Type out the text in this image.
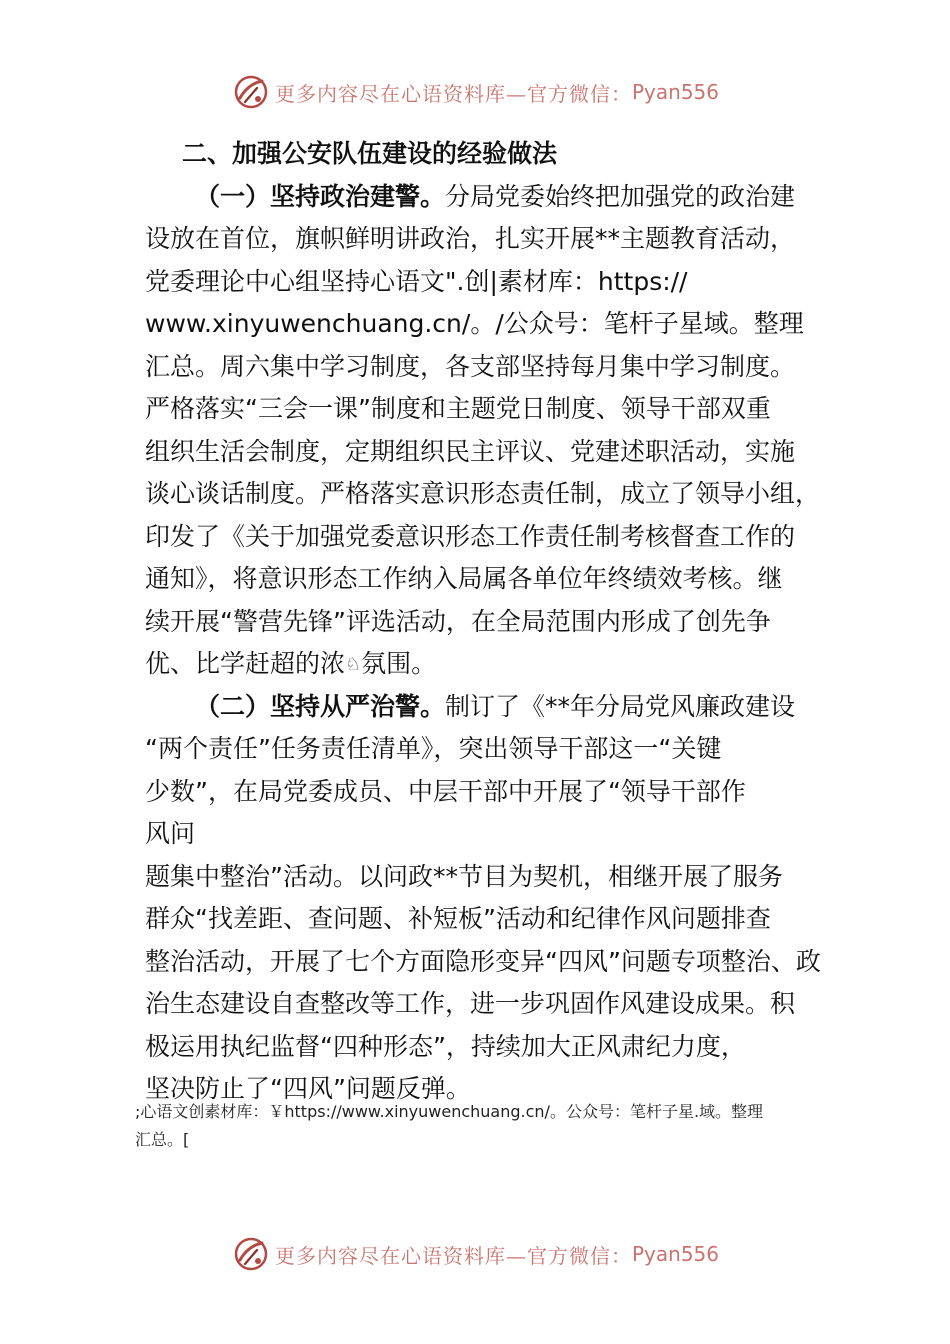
更多内容尽在心语资料库—官方微信： Pyan556
二、加强公安队伍建设的经验做法
（一）坚持政治建警。分局党委始终把加强党的政治建
设放在首位，旗帜鲜明讲政治，扎实开展**主题教育活动，
党委理论中心组坚持心语文".创|素材库：https://
www.xinyuwenchuang.cn/。/公众号：笔杆子星域。整理
汇总。周六集中学习制度，各支部坚持每月集中学习制度。
严格落实“三会一课”制度和主题党日制度、领导干部双重
组织生活会制度，定期组织民主评议、党建述职活动，实施
谈心谈话制度。严格落实意识形态责任制，成立了领导小组，
印发了《关于加强党委意识形态工作责任制考核督查工作的
通知》，将意识形态工作纳入局属各单位年终绩效考核。继
续开展“警营先锋”评选活动，在全局范围内形成了创先争
优、比学赶超的浓♘氛围。
（二）坚持从严治警。制订了《**年分局党风廉政建设
“两个责任”任务责任清单》，突出领导干部这一“关键
少数”，在局党委成员、中层干部中开展了“领导干部作
风问
题集中整治”活动。以问政**节目为契机，相继开展了服务
群众“找差距、查问题、补短板”活动和纪律作风问题排查
整治活动，开展了七个方面隐形变异“四风”问题专项整治、政
治生态建设自查整改等工作，进一步巩固作风建设成果。积
极运用执纪监督“四种形态”，持续加大正风肃纪力度，
坚决防止了“四风”问题反弹。
;心语文创素材库：￥https://www.xinyuwenchuang.cn/。公众号：笔杆子星.域。整理
汇总。[
更多内容尽在心语资料库—官方微信： Pyan556
